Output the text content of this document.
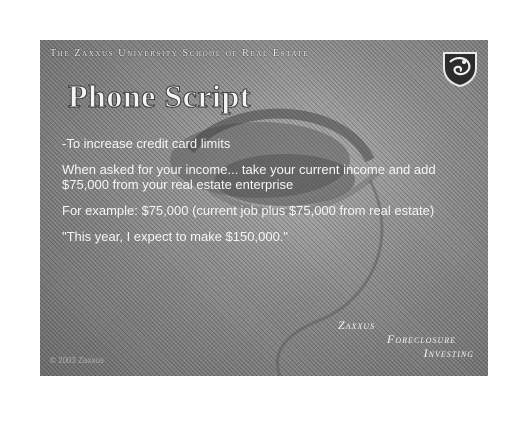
The Zaxxus University School of Real Estate
Phone Script
-To increase credit card limits
When asked for your income... take your current income and add $75,000 from your real estate enterprise
For example: $75,000 (current job plus $75,000 from real estate)
"This year, I expect to make $150,000."
Zaxxus
Foreclosure
Investing
© 2003 Zaxxus
